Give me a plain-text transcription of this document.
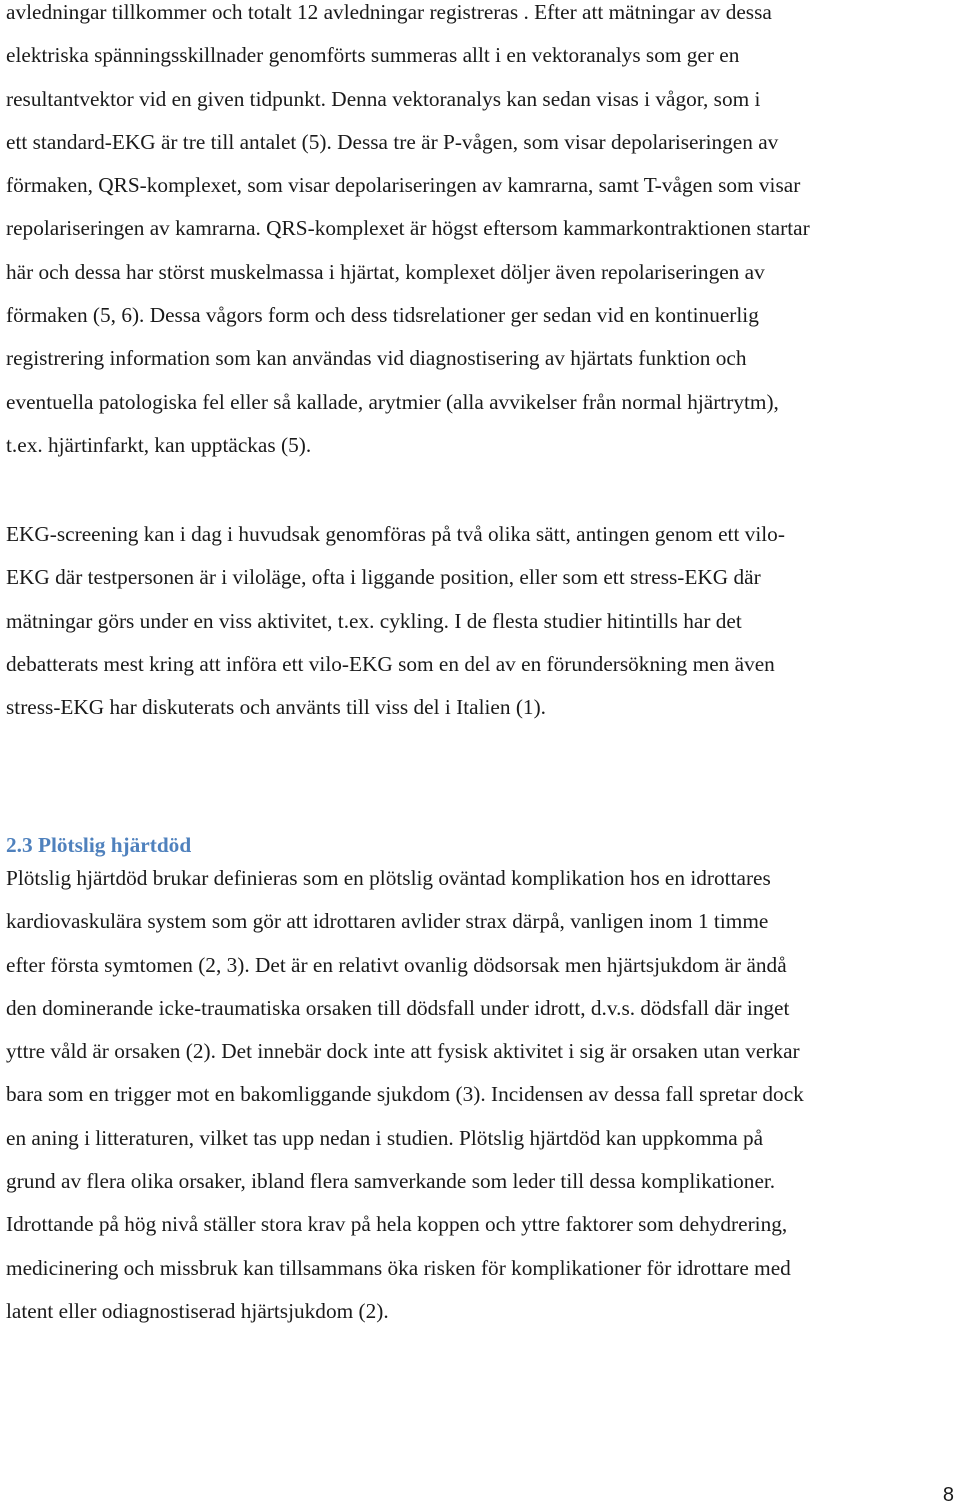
avledningar tillkommer och totalt 12 avledningar registreras . Efter att mätningar av dessa
elektriska spänningsskillnader genomförts summeras allt i en vektoranalys som ger en
resultantvektor vid en given tidpunkt. Denna vektoranalys kan sedan visas i vågor, som i
ett standard-EKG är tre till antalet (5). Dessa tre är P-vågen, som visar depolariseringen av
förmaken, QRS-komplexet, som visar depolariseringen av kamrarna, samt T-vågen som visar
repolariseringen av kamrarna. QRS-komplexet är högst eftersom kammarkontraktionen startar
här och dessa har störst muskelmassa i hjärtat, komplexet döljer även repolariseringen av
förmaken (5, 6). Dessa vågors form och dess tidsrelationer ger sedan vid en kontinuerlig
registrering information som kan användas vid diagnostisering av hjärtats funktion och
eventuella patologiska fel eller så kallade, arytmier (alla avvikelser från normal hjärtrytm),
t.ex. hjärtinfarkt, kan upptäckas (5).

EKG-screening kan i dag i huvudsak genomföras på två olika sätt, antingen genom ett vilo-
EKG där testpersonen är i viloläge, ofta i liggande position, eller som ett stress-EKG där
mätningar görs under en viss aktivitet, t.ex. cykling. I de flesta studier hitintills har det
debatterats mest kring att införa ett vilo-EKG som en del av en förundersökning men även
stress-EKG har diskuterats och använts till viss del i Italien (1).

2.3 Plötslig hjärtdöd

Plötslig hjärtdöd brukar definieras som en plötslig oväntad komplikation hos en idrottares
kardiovaskulära system som gör att idrottaren avlider strax därpå, vanligen inom 1 timme
efter första symtomen (2, 3). Det är en relativt ovanlig dödsorsak men hjärtsjukdom är ändå
den dominerande icke-traumatiska orsaken till dödsfall under idrott, d.v.s. dödsfall där inget
yttre våld är orsaken (2). Det innebär dock inte att fysisk aktivitet i sig är orsaken utan verkar
bara som en trigger mot en bakomliggande sjukdom (3). Incidensen av dessa fall spretar dock
en aning i litteraturen, vilket tas upp nedan i studien. Plötslig hjärtdöd kan uppkomma på
grund av flera olika orsaker, ibland flera samverkande som leder till dessa komplikationer.
Idrottande på hög nivå ställer stora krav på hela koppen och yttre faktorer som dehydrering,
medicinering och missbruk kan tillsammans öka risken för komplikationer för idrottare med
latent eller odiagnostiserad hjärtsjukdom (2).

8
